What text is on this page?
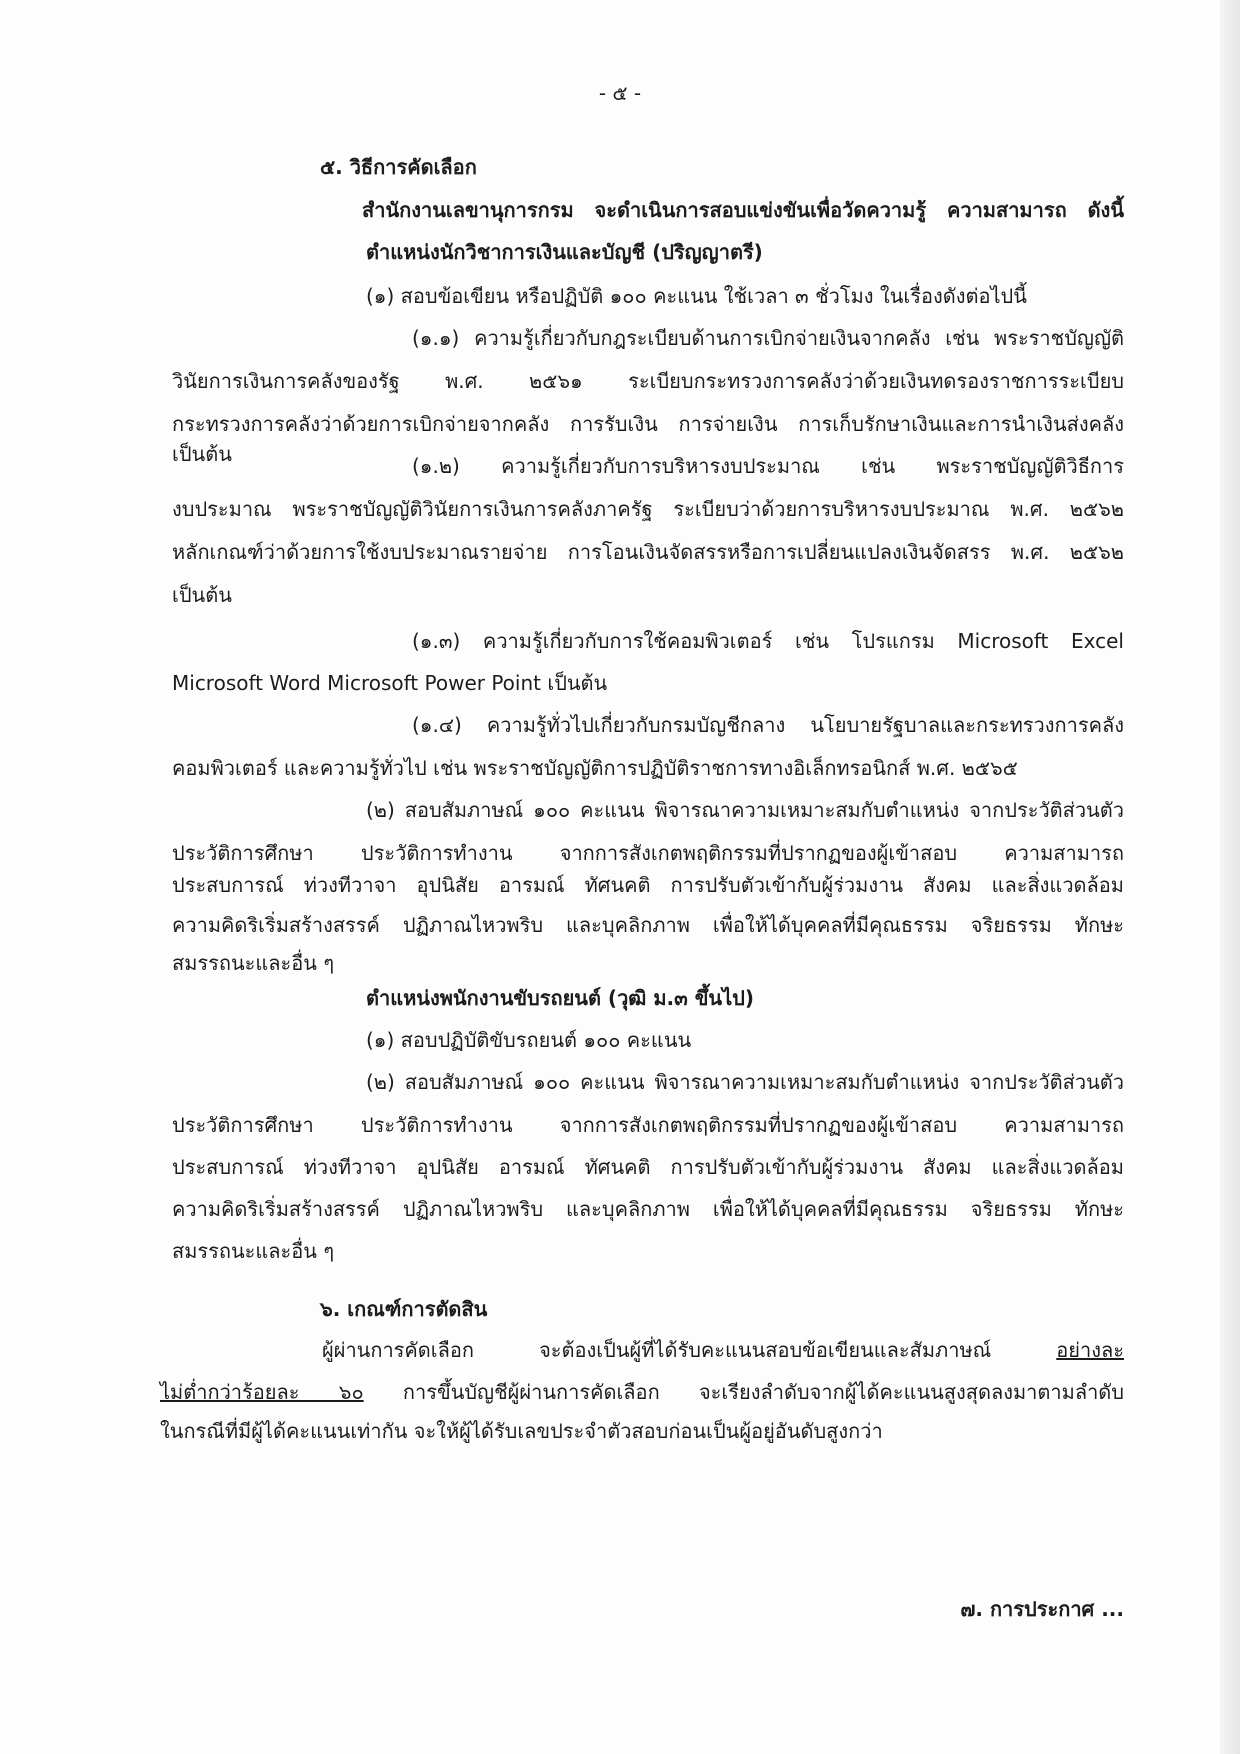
- ๕ -
๕. วิธีการคัดเลือก
สำนักงานเลขานุการกรม จะดำเนินการสอบแข่งขันเพื่อวัดความรู้ ความสามารถ ดังนี้
ตำแหน่งนักวิชาการเงินและบัญชี (ปริญญาตรี)
(๑) สอบข้อเขียน หรือปฏิบัติ ๑๐๐ คะแนน ใช้เวลา ๓ ชั่วโมง ในเรื่องดังต่อไปนี้
(๑.๑) ความรู้เกี่ยวกับกฎระเบียบด้านการเบิกจ่ายเงินจากคลัง เช่น พระราชบัญญัติ
วินัยการเงินการคลังของรัฐ พ.ศ. ๒๕๖๑ ระเบียบกระทรวงการคลังว่าด้วยเงินทดรองราชการระเบียบ
กระทรวงการคลังว่าด้วยการเบิกจ่ายจากคลัง การรับเงิน การจ่ายเงิน การเก็บรักษาเงินและการนำเงินส่งคลัง เป็นต้น	(๑.๒) ความรู้เกี่ยวกับการบริหารงบประมาณ เช่น พระราชบัญญัติวิธีการ
งบประมาณ พระราชบัญญัติวินัยการเงินการคลังภาครัฐ ระเบียบว่าด้วยการบริหารงบประมาณ พ.ศ. ๒๕๖๒
หลักเกณฑ์ว่าด้วยการใช้งบประมาณรายจ่าย การโอนเงินจัดสรรหรือการเปลี่ยนแปลงเงินจัดสรร พ.ศ. ๒๕๖๒
เป็นต้น
(๑.๓) ความรู้เกี่ยวกับการใช้คอมพิวเตอร์ เช่น โปรแกรม Microsoft Excel
Microsoft Word Microsoft Power Point เป็นต้น
(๑.๔) ความรู้ทั่วไปเกี่ยวกับกรมบัญชีกลาง นโยบายรัฐบาลและกระทรวงการคลัง
คอมพิวเตอร์ และความรู้ทั่วไป เช่น พระราชบัญญัติการปฏิบัติราชการทางอิเล็กทรอนิกส์ พ.ศ. ๒๕๖๕
(๒) สอบสัมภาษณ์ ๑๐๐ คะแนน พิจารณาความเหมาะสมกับตำแหน่ง จากประวัติส่วนตัว
ประวัติการศึกษา ประวัติการทำงาน จากการสังเกตพฤติกรรมที่ปรากฏของผู้เข้าสอบ ความสามารถ
ประสบการณ์ ท่วงทีวาจา อุปนิสัย อารมณ์ ทัศนคติ การปรับตัวเข้ากับผู้ร่วมงาน สังคม และสิ่งแวดล้อม
ความคิดริเริ่มสร้างสรรค์ ปฏิภาณไหวพริบ และบุคลิกภาพ เพื่อให้ได้บุคคลที่มีคุณธรรม จริยธรรม ทักษะ
สมรรถนะและอื่น ๆ
ตำแหน่งพนักงานขับรถยนต์ (วุฒิ ม.๓ ขึ้นไป)
(๑) สอบปฏิบัติขับรถยนต์ ๑๐๐ คะแนน
(๒) สอบสัมภาษณ์ ๑๐๐ คะแนน พิจารณาความเหมาะสมกับตำแหน่ง จากประวัติส่วนตัว
ประวัติการศึกษา ประวัติการทำงาน จากการสังเกตพฤติกรรมที่ปรากฏของผู้เข้าสอบ ความสามารถ
ประสบการณ์ ท่วงทีวาจา อุปนิสัย อารมณ์ ทัศนคติ การปรับตัวเข้ากับผู้ร่วมงาน สังคม และสิ่งแวดล้อม
ความคิดริเริ่มสร้างสรรค์ ปฏิภาณไหวพริบ และบุคลิกภาพ เพื่อให้ได้บุคคลที่มีคุณธรรม จริยธรรม ทักษะ
สมรรถนะและอื่น ๆ
๖. เกณฑ์การตัดสิน
ผู้ผ่านการคัดเลือก จะต้องเป็นผู้ที่ได้รับคะแนนสอบข้อเขียนและสัมภาษณ์ อย่างละ
ไม่ต่ำกว่าร้อยละ ๖๐ การขึ้นบัญชีผู้ผ่านการคัดเลือก จะเรียงลำดับจากผู้ได้คะแนนสูงสุดลงมาตามลำดับ
ในกรณีที่มีผู้ได้คะแนนเท่ากัน จะให้ผู้ได้รับเลขประจำตัวสอบก่อนเป็นผู้อยู่อันดับสูงกว่า
๗. การประกาศ ...
